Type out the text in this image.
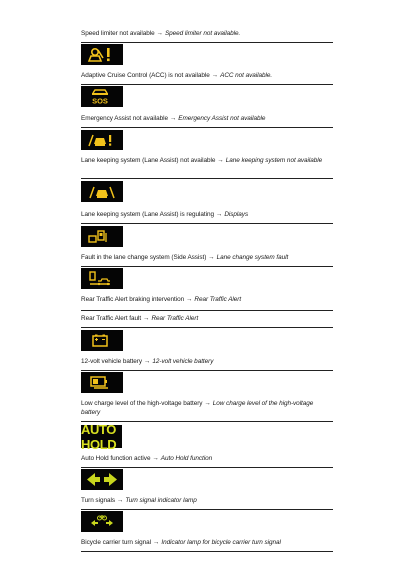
Speed limiter not available → Speed limiter not available.
Adaptive Cruise Control (ACC) is not available → ACC not available.
SOS
Emergency Assist not available → Emergency Assist not available
Lane keeping system (Lane Assist) not available → Lane keeping system not available
Lane keeping system (Lane Assist) is regulating → Displays
Fault in the lane change system (Side Assist) → Lane change system fault
Rear Traffic Alert braking intervention → Rear Traffic Alert
Rear Traffic Alert fault → Rear Traffic Alert
12-volt vehicle battery → 12-volt vehicle battery
Low charge level of the high-voltage battery → Low charge level of the high-voltage battery
AUTO HOLD
Auto Hold function active → Auto Hold function
Turn signals → Turn signal indicator lamp
Bicycle carrier turn signal → Indicator lamp for bicycle carrier turn signal
